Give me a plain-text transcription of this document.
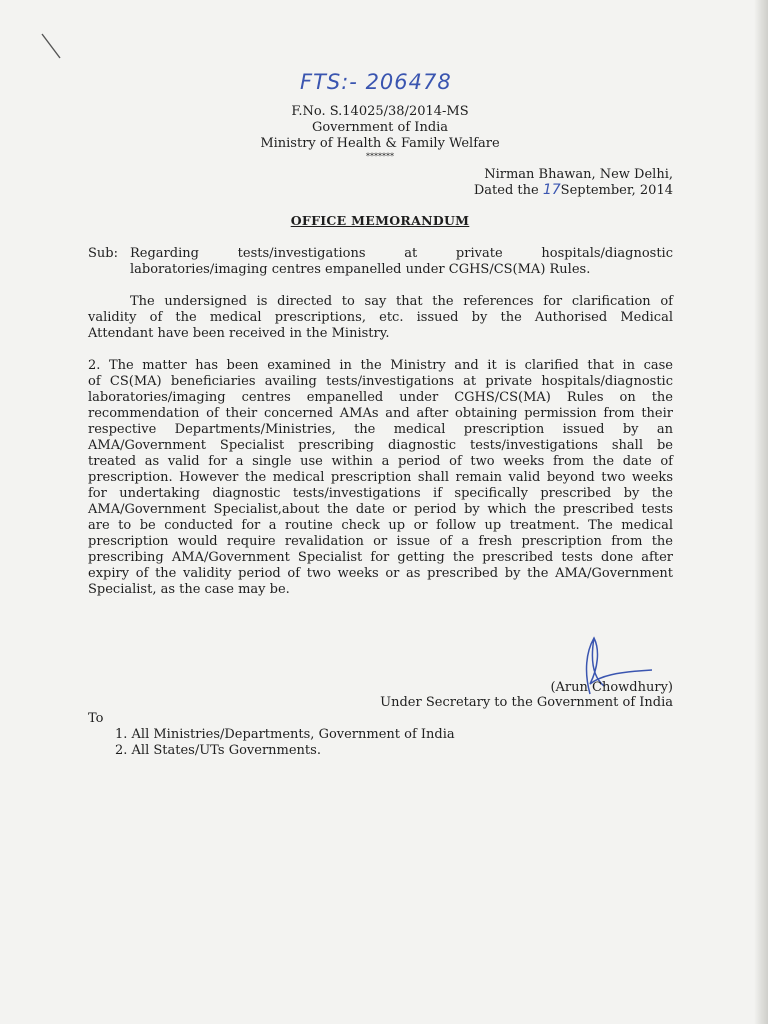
FTS:- 206478
F.No. S.14025/38/2014-MS
Government of India
Ministry of Health & Family Welfare
*******
Nirman Bhawan, New Delhi,
Dated the 17September, 2014
OFFICE MEMORANDUM
Sub: Regarding tests/investigations at private hospitals/diagnostic
laboratories/imaging centres empanelled under CGHS/CS(MA) Rules.
The undersigned is directed to say that the references for clarification of
validity of the medical prescriptions, etc. issued by the Authorised Medical
Attendant have been received in the Ministry.
2. The matter has been examined in the Ministry and it is clarified that in case
of CS(MA) beneficiaries availing tests/investigations at private hospitals/diagnostic
laboratories/imaging centres empanelled under CGHS/CS(MA) Rules on the
recommendation of their concerned AMAs and after obtaining permission from their
respective Departments/Ministries, the medical prescription issued by an
AMA/Government Specialist prescribing diagnostic tests/investigations shall be
treated as valid for a single use within a period of two weeks from the date of
prescription. However the medical prescription shall remain valid beyond two weeks
for undertaking diagnostic tests/investigations if specifically prescribed by the
AMA/Government Specialist,about the date or period by which the prescribed tests
are to be conducted for a routine check up or follow up treatment. The medical
prescription would require revalidation or issue of a fresh prescription from the
prescribing AMA/Government Specialist for getting the prescribed tests done after
expiry of the validity period of two weeks or as prescribed by the AMA/Government
Specialist, as the case may be.
(Arun Chowdhury)
Under Secretary to the Government of India
To
1. All Ministries/Departments, Government of India
2. All States/UTs Governments.
